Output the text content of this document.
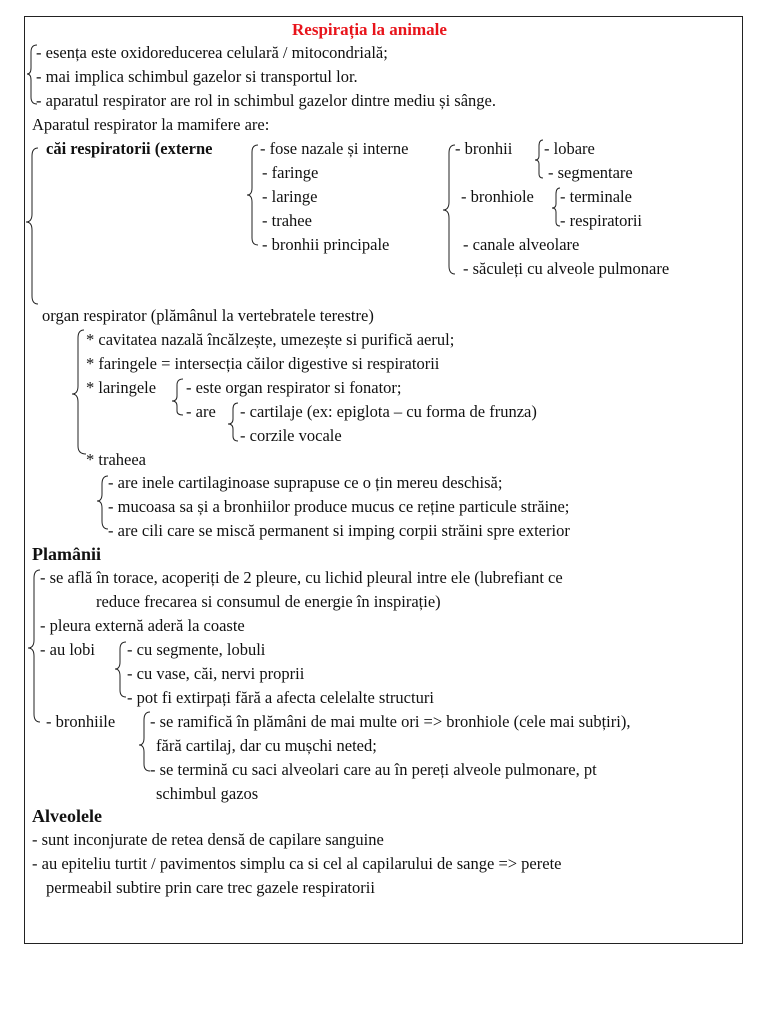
Respirația la animale
- esența este oxidoreducerea celulară / mitocondrială;
- mai implica schimbul gazelor si transportul lor.
- aparatul respirator are rol in schimbul gazelor dintre mediu și sânge.
Aparatul respirator la mamifere are:
căi respiratorii (externe	- fose nazale și interne
- faringe
- laringe
- trahee
- bronhii principale
- bronhii - lobare
- segmentare
- bronhiole - terminale
- respiratorii
- canale alveolare
- săculeți cu alveole pulmonare
organ respirator (plămânul la vertebratele terestre)
* cavitatea nazală încălzește, umezește si purifică aerul;
* faringele = intersecția căilor digestive si respiratorii
* laringele - este organ respirator si fonator;
- are - cartilaje (ex: epiglota – cu forma de frunza)
- corzile vocale
* traheea
- are inele cartilaginoase suprapuse ce o țin mereu deschisă;
- mucoasa sa și a bronhiilor produce mucus ce reține particule străine;
- are cili care se miscă permanent si imping corpii străini spre exterior
Plamânii
- se află în torace, acoperiți de 2 pleure, cu lichid pleural intre ele (lubrefiant ce
reduce frecarea si consumul de energie în inspirație)
- pleura externă aderă la coaste
- au lobi - cu segmente, lobuli
- cu vase, căi, nervi proprii
- pot fi extirpați fără a afecta celelalte structuri
- bronhiile - se ramifică în plămâni de mai multe ori => bronhiole (cele mai subțiri),
fără cartilaj, dar cu mușchi neted;
- se termină cu saci alveolari care au în pereți alveole pulmonare, pt
schimbul gazos
Alveolele
- sunt inconjurate de retea densă de capilare sanguine
- au epiteliu turtit / pavimentos simplu ca si cel al capilarului de sange => perete
permeabil subtire prin care trec gazele respiratorii
